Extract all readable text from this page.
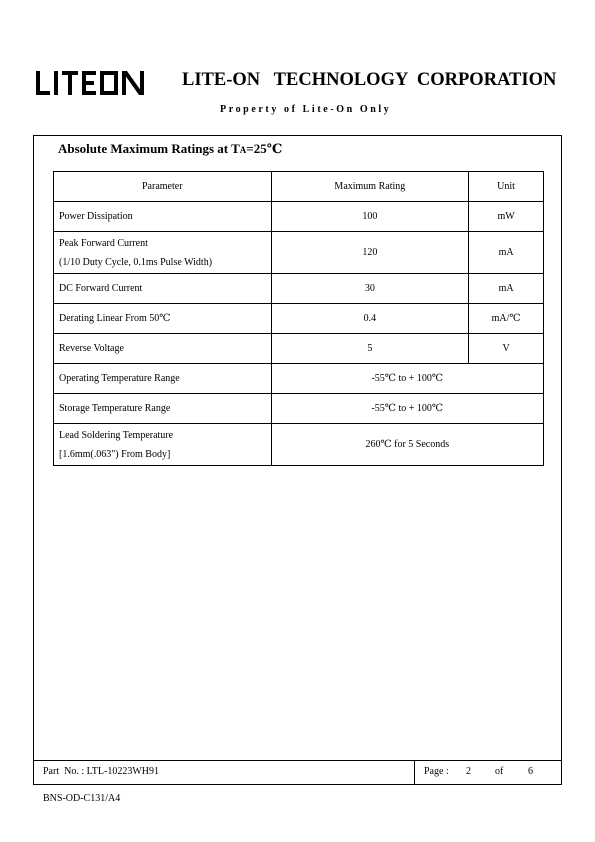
LITE-ON   TECHNOLOGY  CORPORATION
Property of Lite-On Only
Absolute Maximum Ratings at TA=25℃
Parameter	Maximum Rating	Unit
Power Dissipation	100	mW

Peak Forward Current
(1/10 Duty Cycle, 0.1ms Pulse Width)	120	mA
DC Forward Current	30	mA
Derating Linear From 50℃	0.4	mA/℃
Reverse Voltage	5	V
Operating Temperature Range	-55℃ to + 100℃	
Storage Temperature Range	-55℃ to + 100℃	

Lead Soldering Temperature
[1.6mm(.063") From Body]	260℃ for 5 Seconds	
Part  No. : LTL-10223WH91	Page : 2 of 6
BNS-OD-C131/A4
